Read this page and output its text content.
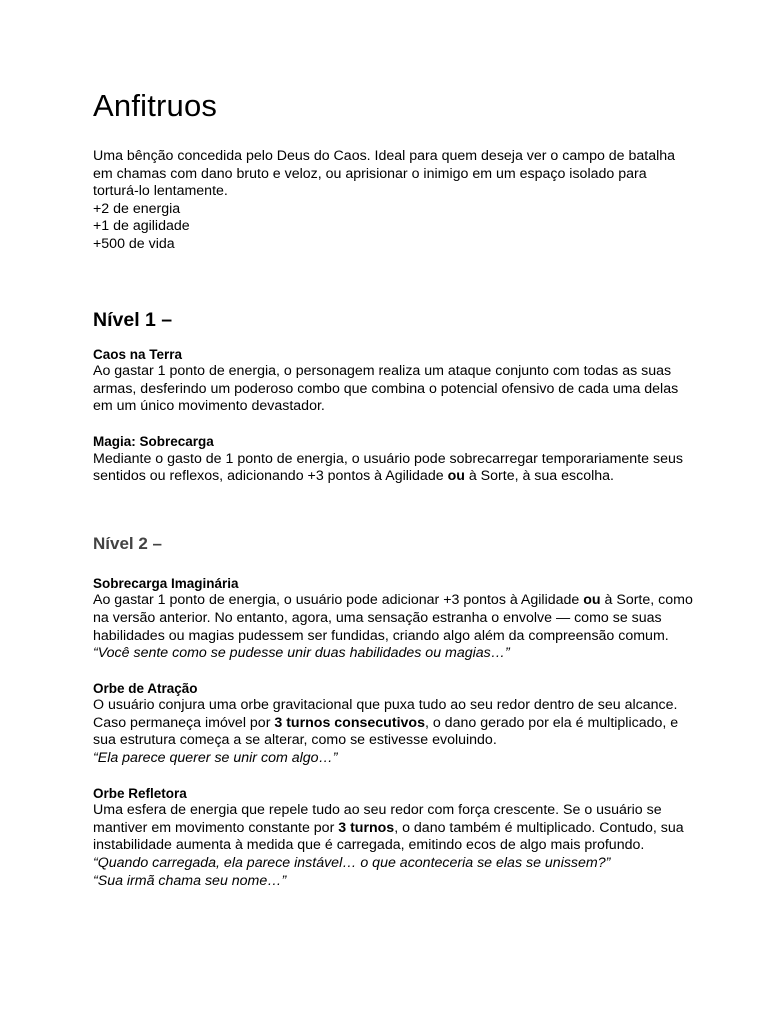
Anfitruos

Uma bênção concedida pelo Deus do Caos. Ideal para quem deseja ver o campo de batalha em chamas com dano bruto e veloz, ou aprisionar o inimigo em um espaço isolado para torturá-lo lentamente.
+2 de energia
+1 de agilidade
+500 de vida

Nível 1 –
Caos na Terra
Ao gastar 1 ponto de energia, o personagem realiza um ataque conjunto com todas as suas armas, desferindo um poderoso combo que combina o potencial ofensivo de cada uma delas em um único movimento devastador.
Magia: Sobrecarga
Mediante o gasto de 1 ponto de energia, o usuário pode sobrecarregar temporariamente seus sentidos ou reflexos, adicionando +3 pontos à Agilidade ou à Sorte, à sua escolha.
Nível 2 –
Sobrecarga Imaginária
Ao gastar 1 ponto de energia, o usuário pode adicionar +3 pontos à Agilidade ou à Sorte, como na versão anterior. No entanto, agora, uma sensação estranha o envolve — como se suas habilidades ou magias pudessem ser fundidas, criando algo além da compreensão comum.
“Você sente como se pudesse unir duas habilidades ou magias…”
Orbe de Atração
O usuário conjura uma orbe gravitacional que puxa tudo ao seu redor dentro de seu alcance. Caso permaneça imóvel por 3 turnos consecutivos, o dano gerado por ela é multiplicado, e sua estrutura começa a se alterar, como se estivesse evoluindo.
“Ela parece querer se unir com algo…”
Orbe Refletora
Uma esfera de energia que repele tudo ao seu redor com força crescente. Se o usuário se mantiver em movimento constante por 3 turnos, o dano também é multiplicado. Contudo, sua instabilidade aumenta à medida que é carregada, emitindo ecos de algo mais profundo.
“Quando carregada, ela parece instável… o que aconteceria se elas se unissem?”
“Sua irmã chama seu nome…”
